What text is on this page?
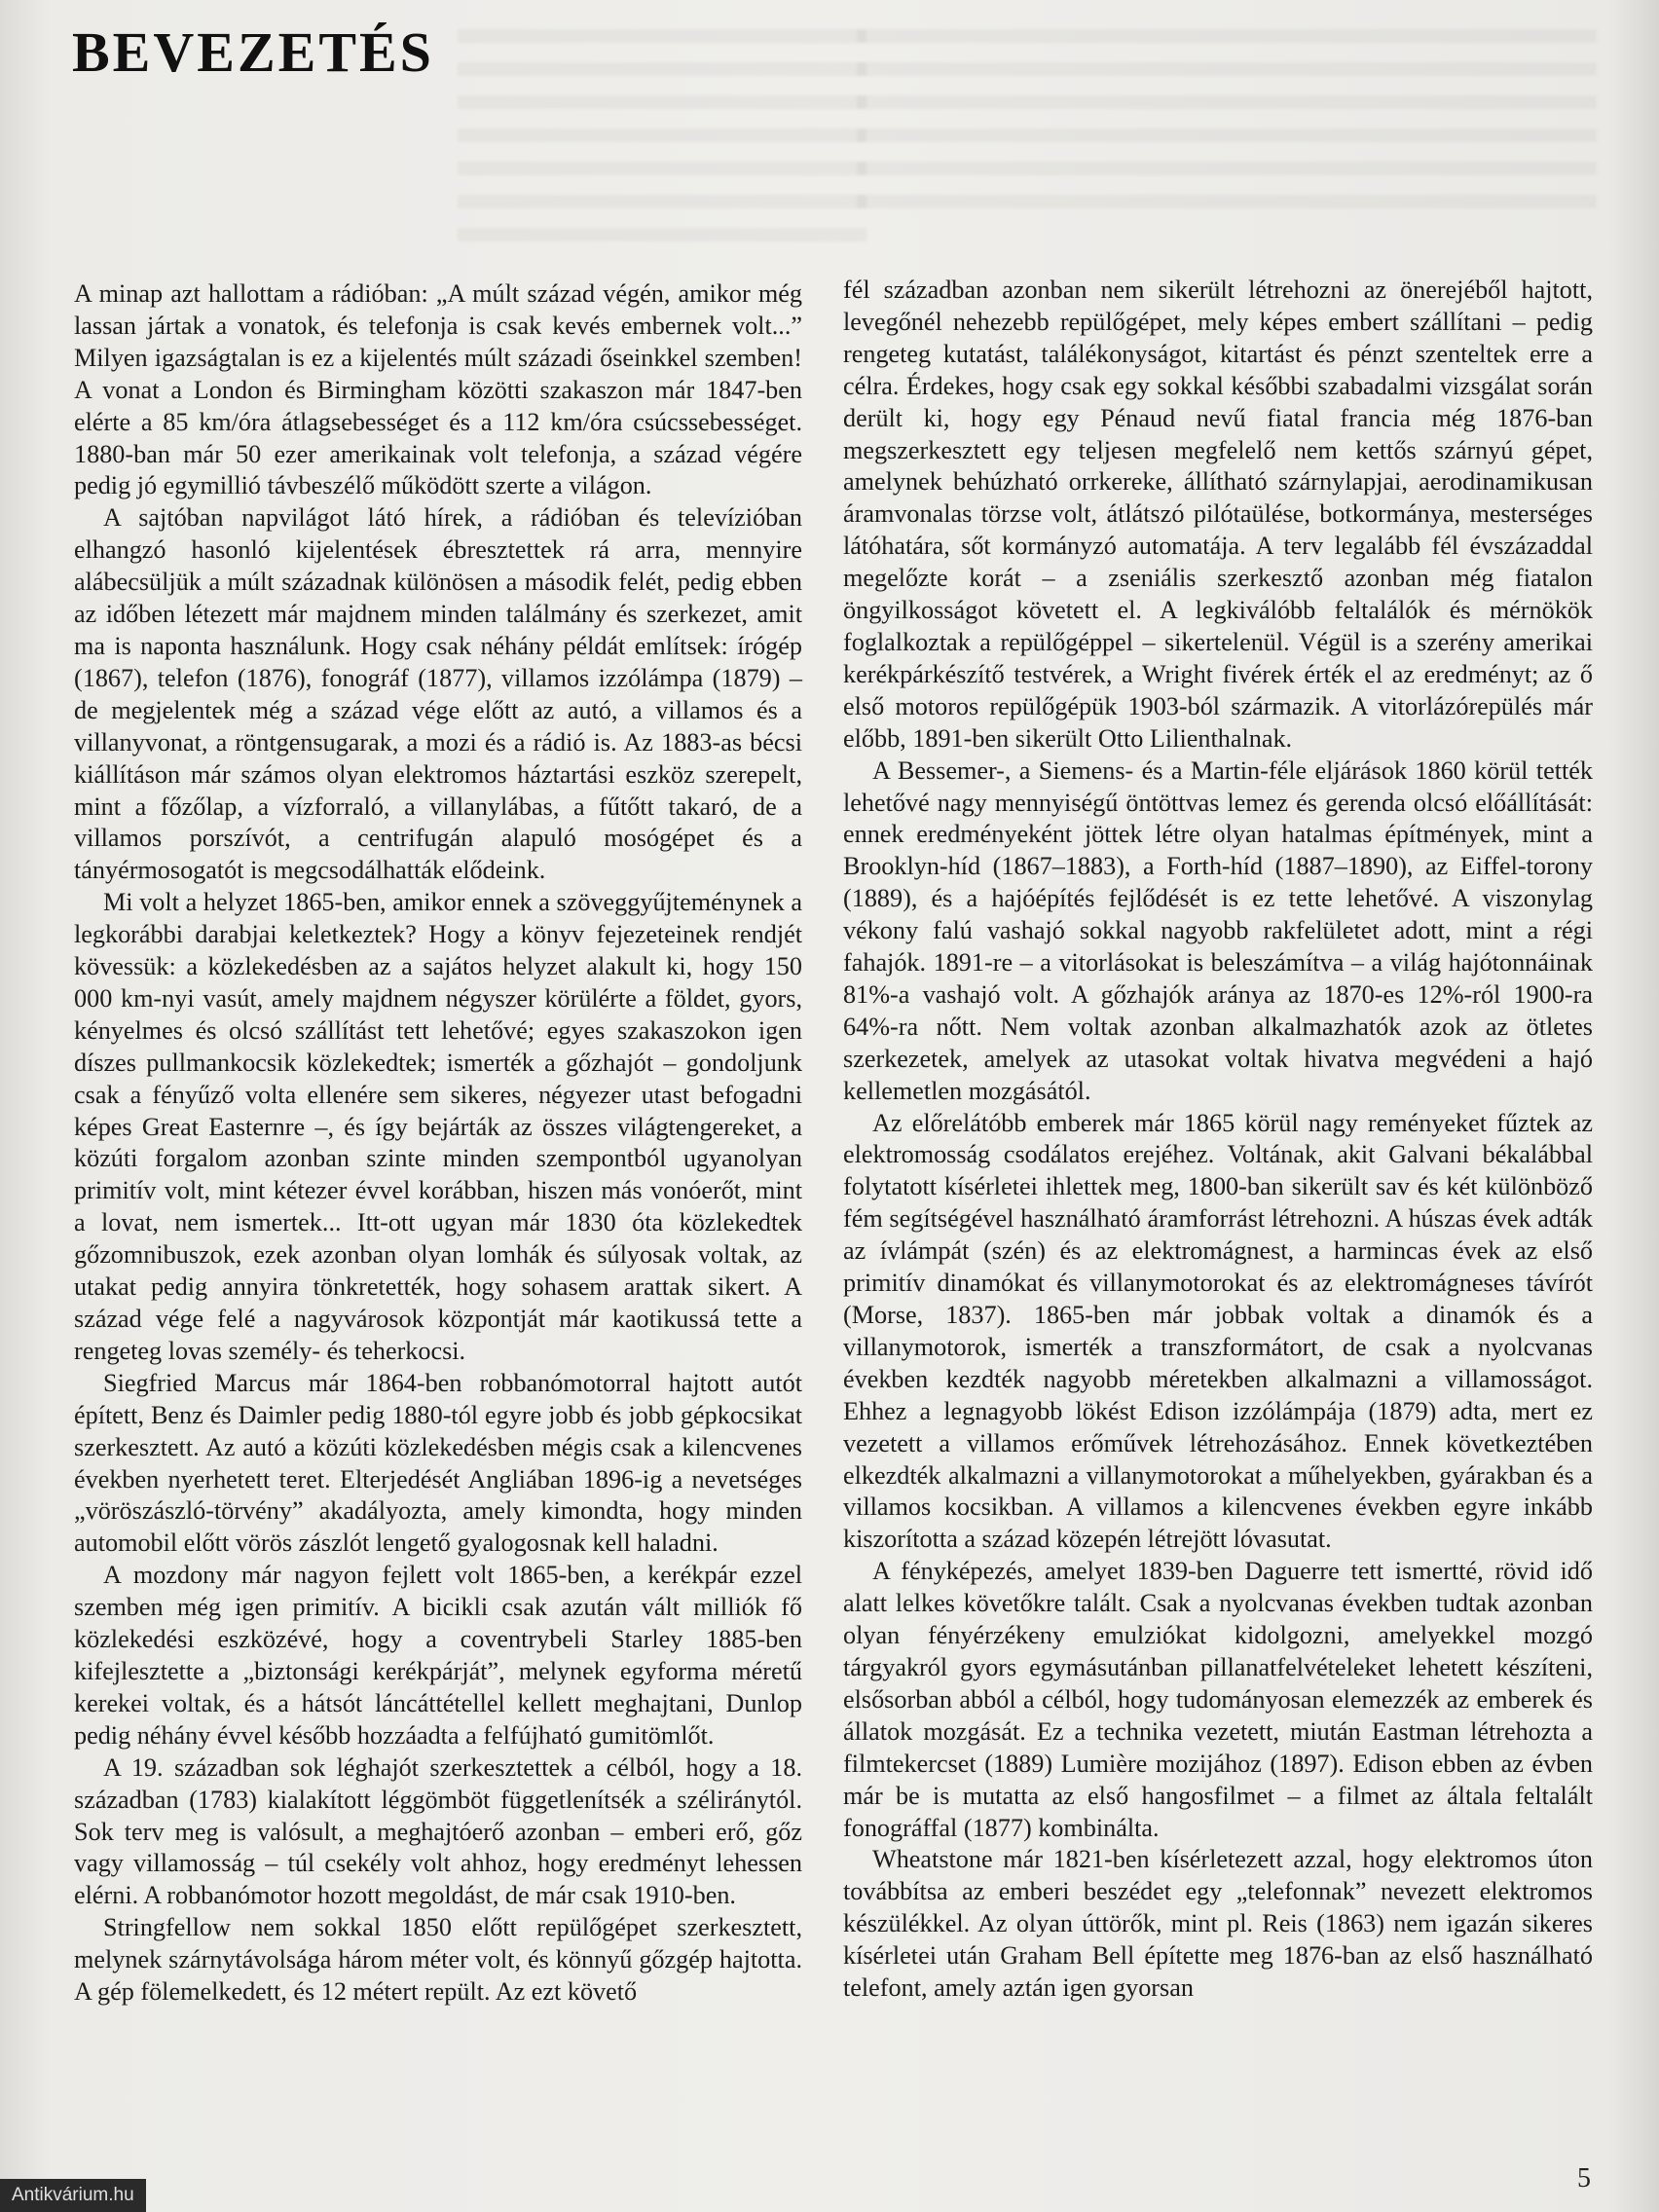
BEVEZETÉS

A minap azt hallottam a rádióban: „A múlt század végén, amikor még lassan jártak a vonatok, és telefonja is csak kevés embernek volt...” Milyen igazságtalan is ez a kijelentés múlt századi őseinkkel szemben! A vonat a London és Birmingham közötti szakaszon már 1847-ben elérte a 85 km/óra átlagsebességet és a 112 km/óra csúcssebességet. 1880-ban már 50 ezer amerikainak volt telefonja, a század végére pedig jó egymillió távbeszélő működött szerte a világon.

A sajtóban napvilágot látó hírek, a rádióban és televízióban elhangzó hasonló kijelentések ébresztettek rá arra, mennyire alábecsüljük a múlt századnak különösen a második felét, pedig ebben az időben létezett már majdnem minden találmány és szerkezet, amit ma is naponta használunk. Hogy csak néhány példát említsek: írógép (1867), telefon (1876), fonográf (1877), villamos izzólámpa (1879) – de megjelentek még a század vége előtt az autó, a villamos és a villanyvonat, a röntgensugarak, a mozi és a rádió is. Az 1883-as bécsi kiállításon már számos olyan elektromos háztartási eszköz szerepelt, mint a főzőlap, a vízforraló, a villanylábas, a fűtőtt takaró, de a villamos porszívót, a centrifugán alapuló mosógépet és a tányérmosogatót is megcsodálhatták elődeink.

Mi volt a helyzet 1865-ben, amikor ennek a szöveggyűjteménynek a legkorábbi darabjai keletkeztek? Hogy a könyv fejezeteinek rendjét kövessük: a közlekedésben az a sajátos helyzet alakult ki, hogy 150 000 km-nyi vasút, amely majdnem négyszer körülérte a földet, gyors, kényelmes és olcsó szállítást tett lehetővé; egyes szakaszokon igen díszes pullmankocsik közlekedtek; ismerték a gőzhajót – gondoljunk csak a fényűző volta ellenére sem sikeres, négyezer utast befogadni képes Great Easternre –, és így bejárták az összes világtengereket, a közúti forgalom azonban szinte minden szempontból ugyanolyan primitív volt, mint kétezer évvel korábban, hiszen más vonóerőt, mint a lovat, nem ismertek... Itt-ott ugyan már 1830 óta közlekedtek gőzomnibuszok, ezek azonban olyan lomhák és súlyosak voltak, az utakat pedig annyira tönkretették, hogy sohasem arattak sikert. A század vége felé a nagyvárosok központját már kaotikussá tette a rengeteg lovas személy- és teherkocsi.

Siegfried Marcus már 1864-ben robbanómotorral hajtott autót épített, Benz és Daimler pedig 1880-tól egyre jobb és jobb gépkocsikat szerkesztett. Az autó a közúti közlekedésben mégis csak a kilencvenes években nyerhetett teret. Elterjedését Angliában 1896-ig a nevetséges „vöröszászló-törvény” akadályozta, amely kimondta, hogy minden automobil előtt vörös zászlót lengető gyalogosnak kell haladni.

A mozdony már nagyon fejlett volt 1865-ben, a kerékpár ezzel szemben még igen primitív. A bicikli csak azután vált milliók fő közlekedési eszközévé, hogy a coventrybeli Starley 1885-ben kifejlesztette a „biztonsági kerékpárját”, melynek egyforma méretű kerekei voltak, és a hátsót láncáttétellel kellett meghajtani, Dunlop pedig néhány évvel később hozzáadta a felfújható gumitömlőt.

A 19. században sok léghajót szerkesztettek a célból, hogy a 18. században (1783) kialakított léggömböt függetlenítsék a széliránytól. Sok terv meg is valósult, a meghajtóerő azonban – emberi erő, gőz vagy villamosság – túl csekély volt ahhoz, hogy eredményt lehessen elérni. A robbanómotor hozott megoldást, de már csak 1910-ben.

Stringfellow nem sokkal 1850 előtt repülőgépet szerkesztett, melynek szárnytávolsága három méter volt, és könnyű gőzgép hajtotta. A gép fölemelkedett, és 12 métert repült. Az ezt követő

fél században azonban nem sikerült létrehozni az önerejéből hajtott, levegőnél nehezebb repülőgépet, mely képes embert szállítani – pedig rengeteg kutatást, találékonyságot, kitartást és pénzt szenteltek erre a célra. Érdekes, hogy csak egy sokkal későbbi szabadalmi vizsgálat során derült ki, hogy egy Pénaud nevű fiatal francia még 1876-ban megszerkesztett egy teljesen megfelelő nem kettős szárnyú gépet, amelynek behúzható orrkereke, állítható szárnylapjai, aerodinamikusan áramvonalas törzse volt, átlátszó pilótaülése, botkormánya, mesterséges látóhatára, sőt kormányzó automatája. A terv legalább fél évszázaddal megelőzte korát – a zseniális szerkesztő azonban még fiatalon öngyilkosságot követett el. A legkiválóbb feltalálók és mérnökök foglalkoztak a repülőgéppel – sikertelenül. Végül is a szerény amerikai kerékpárkészítő testvérek, a Wright fivérek érték el az eredményt; az ő első motoros repülőgépük 1903-ból származik. A vitorlázórepülés már előbb, 1891-ben sikerült Otto Lilienthalnak.

A Bessemer-, a Siemens- és a Martin-féle eljárások 1860 körül tették lehetővé nagy mennyiségű öntöttvas lemez és gerenda olcsó előállítását: ennek eredményeként jöttek létre olyan hatalmas építmények, mint a Brooklyn-híd (1867–1883), a Forth-híd (1887–1890), az Eiffel-torony (1889), és a hajóépítés fejlődését is ez tette lehetővé. A viszonylag vékony falú vashajó sokkal nagyobb rakfelületet adott, mint a régi fahajók. 1891-re – a vitorlásokat is beleszámítva – a világ hajótonnáinak 81%-a vashajó volt. A gőzhajók aránya az 1870-es 12%-ról 1900-ra 64%-ra nőtt. Nem voltak azonban alkalmazhatók azok az ötletes szerkezetek, amelyek az utasokat voltak hivatva megvédeni a hajó kellemetlen mozgásától.

Az előrelátóbb emberek már 1865 körül nagy reményeket fűztek az elektromosság csodálatos erejéhez. Voltának, akit Galvani békalábbal folytatott kísérletei ihlettek meg, 1800-ban sikerült sav és két különböző fém segítségével használható áramforrást létrehozni. A húszas évek adták az ívlámpát (szén) és az elektromágnest, a harmincas évek az első primitív dinamókat és villanymotorokat és az elektromágneses távírót (Morse, 1837). 1865-ben már jobbak voltak a dinamók és a villanymotorok, ismerték a transzformátort, de csak a nyolcvanas években kezdték nagyobb méretekben alkalmazni a villamosságot. Ehhez a legnagyobb lökést Edison izzólámpája (1879) adta, mert ez vezetett a villamos erőművek létrehozásához. Ennek következtében elkezdték alkalmazni a villanymotorokat a műhelyekben, gyárakban és a villamos kocsikban. A villamos a kilencvenes években egyre inkább kiszorította a század közepén létrejött lóvasutat.

A fényképezés, amelyet 1839-ben Daguerre tett ismertté, rövid idő alatt lelkes követőkre talált. Csak a nyolcvanas években tudtak azonban olyan fényérzékeny emulziókat kidolgozni, amelyekkel mozgó tárgyakról gyors egymásutánban pillanatfelvételeket lehetett készíteni, elsősorban abból a célból, hogy tudományosan elemezzék az emberek és állatok mozgását. Ez a technika vezetett, miután Eastman létrehozta a filmtekercset (1889) Lumière mozijához (1897). Edison ebben az évben már be is mutatta az első hangosfilmet – a filmet az általa feltalált fonográffal (1877) kombinálta.

Wheatstone már 1821-ben kísérletezett azzal, hogy elektromos úton továbbítsa az emberi beszédet egy „telefonnak” nevezett elektromos készülékkel. Az olyan úttörők, mint pl. Reis (1863) nem igazán sikeres kísérletei után Graham Bell építette meg 1876-ban az első használható telefont, amely aztán igen gyorsan

5
Antikvárium.hu
